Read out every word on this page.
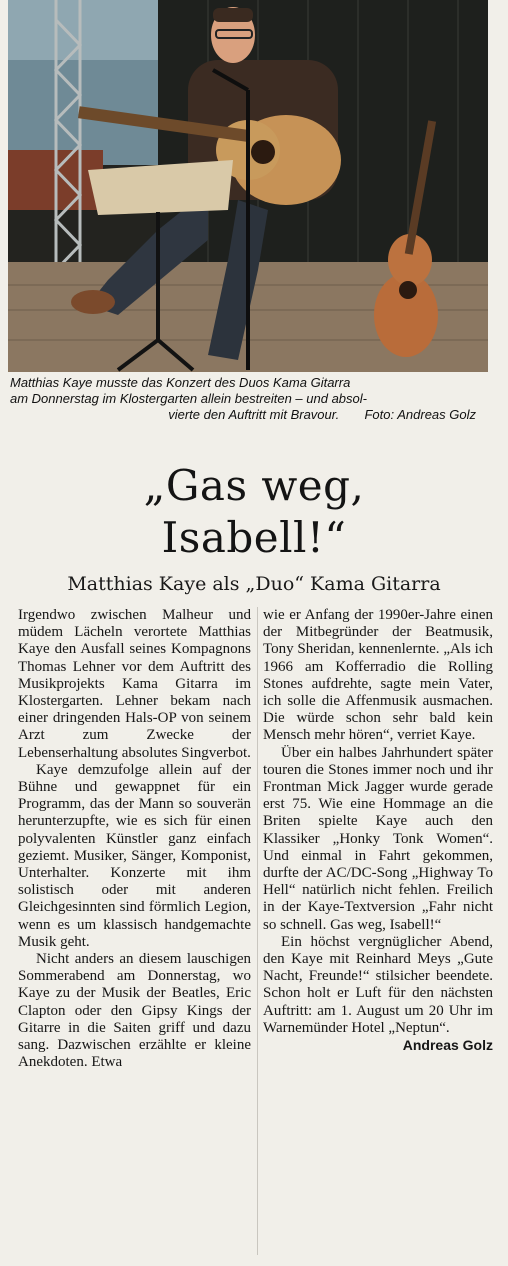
Matthias Kaye musste das Konzert des Duos Kama Gitarra

am Donnerstag im Klostergarten allein bestreiten – und absol-

vierte den Auftritt mit Bravour. Foto: Andreas Golz

„Gas weg,
Isabell!“
Matthias Kaye als „Duo“ Kama Gitarra

Irgendwo zwischen Malheur und müdem Lächeln verortete Matthias Kaye den Ausfall seines Kompagnons Thomas Lehner vor dem Auftritt des Musikprojekts Kama Gitarra im Klostergarten. Lehner bekam nach einer dringenden Hals-OP von seinem Arzt zum Zwecke der Lebenserhaltung absolutes Singverbot.

Kaye demzufolge allein auf der Bühne und gewappnet für ein Programm, das der Mann so souverän herunterzupfte, wie es sich für einen polyvalenten Künstler ganz einfach geziemt. Musiker, Sänger, Komponist, Unterhalter. Konzerte mit ihm solistisch oder mit anderen Gleichgesinnten sind förmlich Legion, wenn es um klassisch handgemachte Musik geht.

Nicht anders an diesem lauschigen Sommerabend am Donnerstag, wo Kaye zu der Musik der Beatles, Eric Clapton oder den Gipsy Kings der Gitarre in die Saiten griff und dazu sang. Dazwischen erzählte er kleine Anekdoten. Etwa

wie er Anfang der 1990er-Jahre einen der Mitbegründer der Beatmusik, Tony Sheridan, kennenlernte. „Als ich 1966 am Kofferradio die Rolling Stones aufdrehte, sagte mein Vater, ich solle die Affenmusik ausmachen. Die würde schon sehr bald kein Mensch mehr hören“, verriet Kaye.

Über ein halbes Jahrhundert später touren die Stones immer noch und ihr Frontman Mick Jagger wurde gerade erst 75. Wie eine Hommage an die Briten spielte Kaye auch den Klassiker „Honky Tonk Women“. Und einmal in Fahrt gekommen, durfte der AC/DC-Song „Highway To Hell“ natürlich nicht fehlen. Freilich in der Kaye-Textversion „Fahr nicht so schnell. Gas weg, Isabell!“

Ein höchst vergnüglicher Abend, den Kaye mit Reinhard Meys „Gute Nacht, Freunde!“ stilsicher beendete. Schon holt er Luft für den nächsten Auftritt: am 1. August um 20 Uhr im Warnemünder Hotel „Neptun“.
Andreas Golz
